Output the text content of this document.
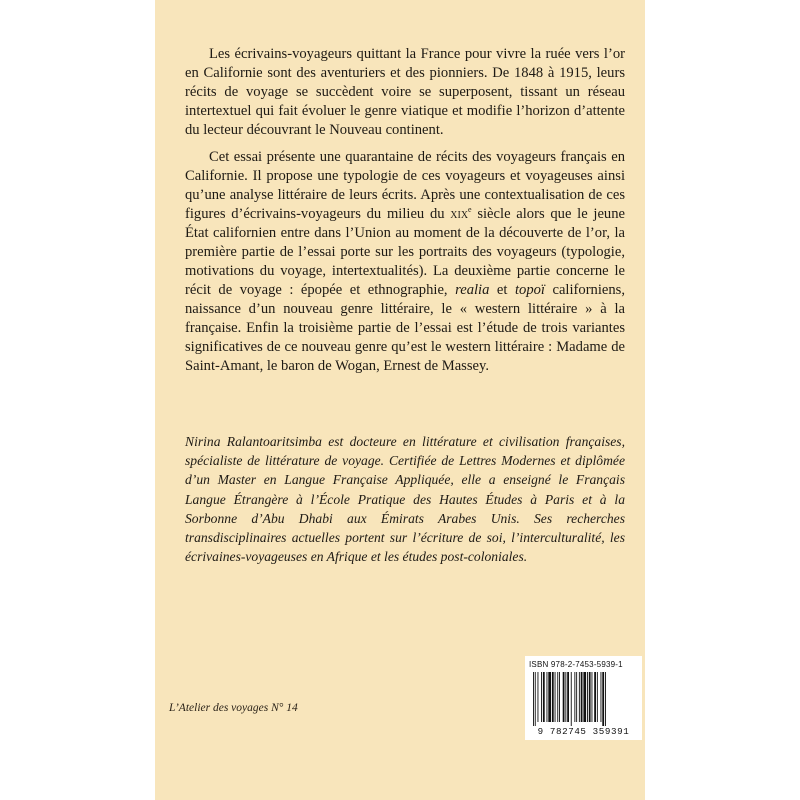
Les écrivains-voyageurs quittant la France pour vivre la ruée vers l’or en Californie sont des aventuriers et des pionniers. De 1848 à 1915, leurs récits de voyage se succèdent voire se superposent, tissant un réseau intertextuel qui fait évoluer le genre viatique et modifie l’horizon d’attente du lecteur découvrant le Nouveau continent.

Cet essai présente une quarantaine de récits des voyageurs français en Californie. Il propose une typologie de ces voyageurs et voyageuses ainsi qu’une analyse littéraire de leurs écrits. Après une contextualisation de ces figures d’écrivains-voyageurs du milieu du xix$^e$ siècle alors que le jeune État californien entre dans l’Union au moment de la découverte de l’or, la première partie de l’essai porte sur les portraits des voyageurs (typologie, motivations du voyage, intertextualités). La deuxième partie concerne le récit de voyage : épopée et ethnographie, realia et topoï californiens, naissance d’un nouveau genre littéraire, le « western littéraire » à la française. Enfin la troisième partie de l’essai est l’étude de trois variantes significatives de ce nouveau genre qu’est le western littéraire : Madame de Saint-Amant, le baron de Wogan, Ernest de Massey.

Nirina Ralantoaritsimba est docteure en littérature et civilisation françaises, spécialiste de littérature de voyage. Certifiée de Lettres Modernes et diplômée d’un Master en Langue Française Appliquée, elle a enseigné le Français Langue Étrangère à l’École Pratique des Hautes Études à Paris et à la Sorbonne d’Abu Dhabi aux Émirats Arabes Unis. Ses recherches transdisciplinaires actuelles portent sur l’écriture de soi, l’interculturalité, les écrivaines-voyageuses en Afrique et les études post-coloniales.

L’Atelier des voyages N° 14
ISBN 978-2-7453-5939-1
9 782745 359391
